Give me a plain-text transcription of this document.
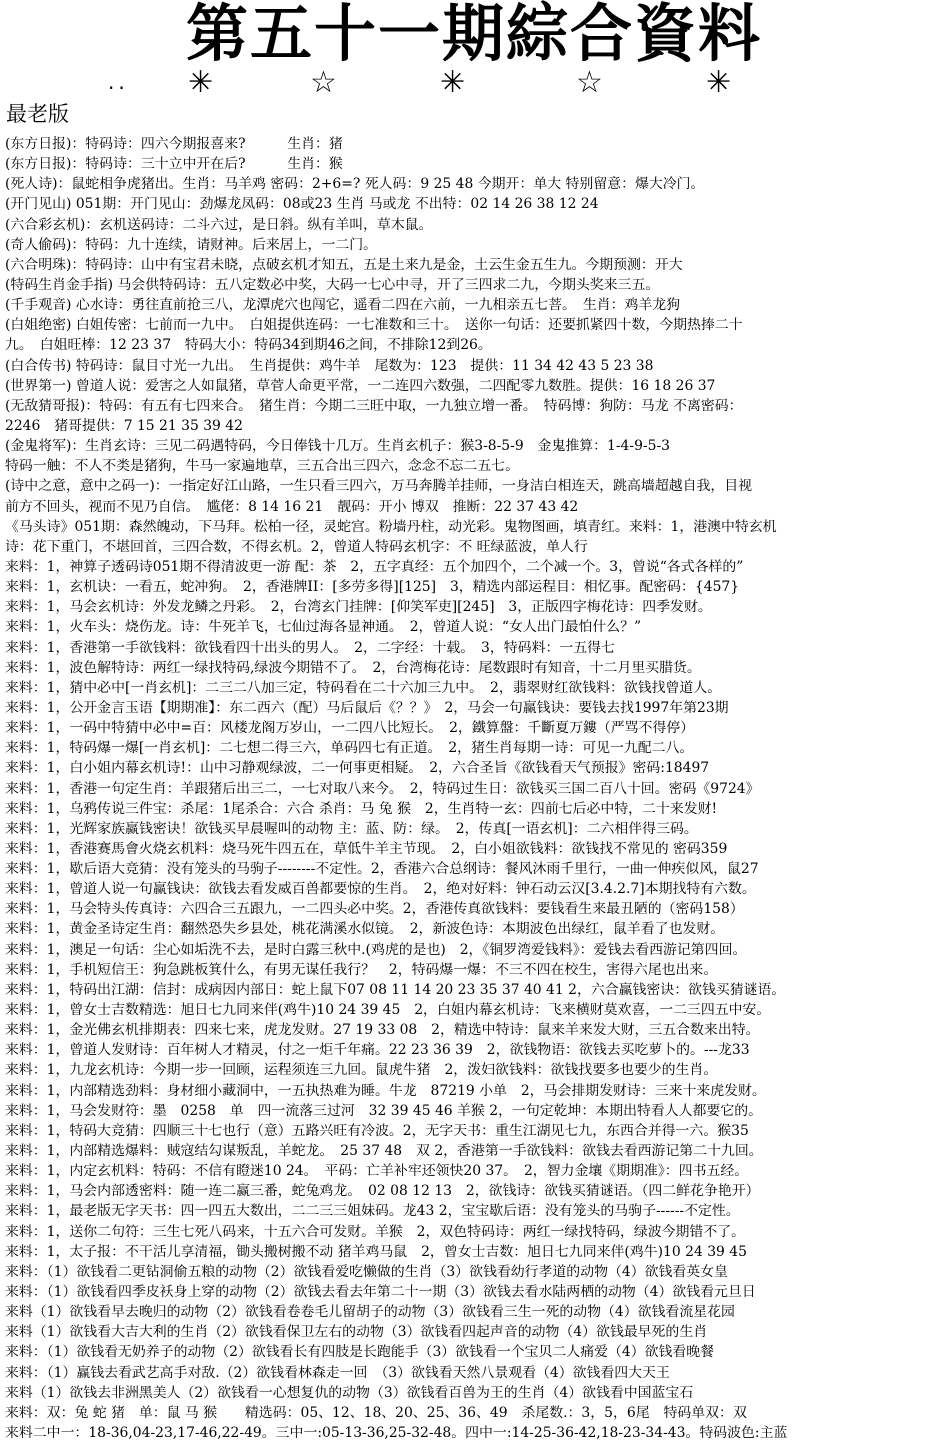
第五十一期綜合資料
.. ✳	☆	✳	☆	✳
最老版
(东方日报)：特码诗：四六今期报喜来?　　　生肖：猪
(东方日报)：特码诗：三十立中开在后?　　　生肖：猴
(死人诗)：鼠蛇相争虎猪出。生肖：马羊鸡 密码：2+6=? 死人码：9 25 48 今期开：单大 特别留意：爆大冷门。
(开门见山) 051期：开门见山：劲爆龙凤码：08或23 生肖 马或龙 不出特：02 14 26 38 12 24
(六合彩玄机)：玄机送码诗：二斗六过，是日斜。纵有羊叫，草木鼠。
(奇人偷码)：特码：九十连续，请财神。后来居上，一二门。
(六合明珠)：特码诗：山中有宝君未晓，点破玄机才知五，五是土来九是金，土云生金五生九。今期预测：开大
(特码生肖金手指) 马会供特码诗：五八定数必中奖，大码一七心中寻，开了三四求二九，今期头奖来三五。
(千手观音) 心水诗：勇往直前抢三八，龙潭虎穴也闯它，遥看二四在六前，一九相亲五七菩。　生肖：鸡羊龙狗
(白姐绝密) 白姐传密：七前而一九中。　白姐提供连码：一七准数和三十。　送你一句话：还要抓紧四十数，今期热捧二十
九。　白姐旺棒：12 23 37　特码大小：特码34到期46之间，不排除12到26。
(白合传书) 特码诗：鼠目寸光一九出。　生肖提供：鸡牛羊　尾数为：123　提供：11 34 42 43 5 23 38
(世界第一) 曾道人说：爱害之人如鼠猪，草菅人命更平常，一二连四六数强，二四配零九数胜。提供：16 18 26 37
(无敌猜哥报)：特码：有五有七四来合。　猪生肖：今期二三旺中取，一九独立增一番。　特码博：狗防：马龙 不离密码：
2246　猪哥提供：7 15 21 35 39 42
(金鬼将军)：生肖玄诗：三见二码遇特码，今日俸钱十几万。生肖玄机子：猴3-8-5-9　金鬼推算：1-4-9-5-3
特码一触：不人不类是猪狗，牛马一家遍地草，三五合出三四六，念念不忘二五七。
(诗中之意，意中之码一)：一指定好江山路，一生只看三四六，万马奔腾羊挂师，一身洁白相连天，跳高墙超越自我，目视
前方不回头，视而不见乃自信。　尴佬：8 14 16 21　靓码：开小 博双　推断：22 37 43 42
《马头诗》051期：森然魄动，下马拜。松柏一径，灵蛇宫。粉墙丹柱，动光彩。鬼物图画，填青红。来料：1，港澳中特玄机
诗：花下重门，不堪回首，三四合数，不得玄机。2，曾道人特码玄机字：不 旺绿蓝波，单人行
来料：1，神算子透码诗051期不得清波更一游 配：茶　2，五字真经：五个加四个，二个减一个。3，曾说“各式各样的”
来料：1，玄机诀：一看五，蛇冲狗。　2，香港牌II：[多劳多得][125]　3，精选内部运程目：相忆事。配密码：{457}
来料：1，马会玄机诗：外发龙鳞之丹彩。　2，台湾玄门挂牌：[仰笑军吏][245]　3，正版四字梅花诗：四季发财。
来料：1，火车头：烧伤龙。诗：牛死羊飞，七仙过海各显神通。　2，曾道人说：“女人出门最怕什么？”
来料：1，香港第一手欲钱料：欲钱看四十出头的男人。　2，二字经：十载。　3，特码料：一五得七
来料：1，波色解特诗：两红一绿找特码,绿波今期错不了。　2，台湾梅花诗：尾数跟时有知音，十二月里买腊货。
来料：1，猜中必中[一肖玄机]：二三二八加三定，特码看在二十六加三九中。　2，翡翠财红欲钱料：欲钱找曾道人。
来料：1，公开金言玉语【期期准】：东二西六（配）马后鼠后《？？》　2，马会一句赢钱诀：要钱去找1997年第23期
来料：1，一码中特猜中必中=百：风楼龙阁万岁山，一二四八比短长。　2，鐵算盤：千斷夏万鏤（严骂不得停）
来料：1，特码爆一爆[一肖玄机]：二七想二得三六，单码四七有正道。　2，猪生肖每期一诗：可见一九配二八。
来料：1，白小姐内幕玄机诗!：山中习静观绿波，二一何事更相疑。　2，六合圣旨《欲钱看天气预报》密码:18497
来料：1，香港一句定生肖：羊跟猪后出三二，一七对取八来今。　2，特码过生日：欲钱买三国二百八十回。密码《9724》
来料：1，乌鸦传说三件宝：杀尾：1尾杀合：六合 杀肖：马 兔 猴　2，生肖特一玄：四前七后必中特，二十来发财!
来料：1，光辉家族赢钱密诀！欲钱买早晨喔叫的动物 主：蓝、防：绿。　2，传真[一语玄机]：二六相伴得三码。
来料：1，香港赛馬會火烧玄机料：烧马死牛四五在，草低牛羊主节现。　2，白小姐欲钱料：欲钱找不常见的 密码359
来料：1，歇后语大竞猜：没有笼头的马驹子--------不定性。2，香港六合总纲诗：餐风沐雨千里行，一曲一伸疾似风，鼠27
来料：1，曾道人说一句赢钱诀：欲钱去看发威百兽都要惊的生肖。　2，绝对好料：钟石动云汉[3.4.2.7]本期找特有六数。
来料：1，马会特头传真诗：六四合三五跟九，一二四头必中奖。2，香港传真欲钱料：要钱看生来最丑陋的（密码158）
来料：1，黄金圣诗定生肖：翻然恐失乡县处，桃花满溪水似镜。　2，新波色诗：本期波色出绿红，鼠羊看了也发财。
来料：1，澳足一句话：尘心如垢洗不去，是时白露三秋中.(鸡虎的是也)　2，《铜罗湾爱钱料》：爱钱去看西游记第四回。
来料：1，手机短信王：狗急跳板箕什么，有男无谋任我行？　2，特码爆一爆：不三不四在校生，害得六尾也出来。
来料：1，特码出江湖：信封：成病因内部日：蛇上鼠下07 08 11 14 20 23 35 37 40 41 2，六合赢钱密诀：欲钱买猜谜语。
来料：1，曾女士吉数精选：旭日七九同来伴(鸡牛)10 24 39 45　2，白姐内幕玄机诗：飞来横财莫欢喜，一二三四五中安。
来料：1，金光佛玄机排期表：四来七来，虎龙发财。27 19 33 08　2，精选中特诗：鼠来羊来发大财，三五合数来出特。
来料：1，曾道人发财诗：百年树人才精灵，付之一炬千年痛。22 23 36 39　2，欲钱物语：欲钱去买吃萝卜的。---龙33
来料：1，九龙玄机诗：今期一步一回顾，运程须连三九回。鼠虎牛猪　2，泼妇欲钱料：欲钱找要多也要少的生肖。
来料：1，内部精选劲料：身材细小藏洞中，一五执热难为睡。牛龙　87219 小单　2，马会排期发财诗：三来十来虎发财。
来料：1，马会发财符：墨　0258　单　四一流落三过河　32 39 45 46 羊猴 2，一句定乾坤：本期出特看人人都要它的。
来料：1，特码大竞猜：四顺三十七也行（意）五路兴旺有冷波。2，无字天书：重生江湖见七九，东西合并得一六。猴35
来料：1，内部精选爆料：贼寇结勾谋叛乱，羊蛇龙。　25 37 48　双 2，香港第一手欲钱料：欲钱去看西游记第二十九回。
来料：1，内定玄机料：特码：不信有瞪迷10 24。　平码：亡羊补牢还领快20 37。　2，智力金壤《期期准》：四书五经。
来料：1，马会内部透密料：随一连二赢三番，蛇兔鸡龙。　02 08 12 13　2，欲钱诗：欲钱买猜谜语。（四二鲜花争艳开）
来料：1，最老版无字天书：四一四五大数出，二二三三姐妹码。龙43 2，宝宝歇后语：没有笼头的马驹子------不定性。
来料：1，送你二句符：三生七死八码来，十五六合可发财。羊猴　2，双色特码诗：两红一绿找特码，绿波今期错不了。
来料：1，太子报：不干活儿享清福，锄头搬树搬不动 猪羊鸡马鼠　2，曾女士吉数：旭日七九同来伴(鸡牛)10 24 39 45
来料：（1）欲钱看二更钻洞偷五粮的动物（2）欲钱看爱吃懒做的生肖（3）欲钱看幼行孝道的动物（4）欲钱看英女皇
来料：（1）欲钱看四季皮袄身上穿的动物（2）欲钱去看去年第二十一期（3）欲钱去看水陆两栖的动物（4）欲钱看元旦日
来料（1）欲钱看早去晚归的动物（2）欲钱看卷卷毛儿留胡子的动物（3）欲钱看三生一死的动物（4）欲钱看流星花园
来料（1）欲钱看大吉大利的生肖（2）欲钱看保卫左右的动物（3）欲钱看四起声音的动物（4）欲钱最早死的生肖
来料：（1）欲钱看无奶养子的动物（2）欲钱看长有四肢是长跑能手（3）欲钱看一个宝贝二人痛爱（4）欲钱看晚餐
来料：（1）赢钱去看武艺高手对敌.（2）欲钱看林森走一回　（3）欲钱看天然八景观看（4）欲钱看四大天王
来料（1）欲钱去非洲黑美人（2）欲钱看一心想复仇的动物（3）欲钱看百兽为王的生肖（4）欲钱看中国蓝宝石
来料：双：兔 蛇 猪　单：鼠 马 猴　　精选码：05、12、18、20、25、36、49　杀尾数.：3，5，6尾　特码单双：双
来料二中一：18-36,04-23,17-46,22-49。三中一:05-13-36,25-32-48。四中一:14-25-36-42,18-23-34-43。特码波色:主蓝
